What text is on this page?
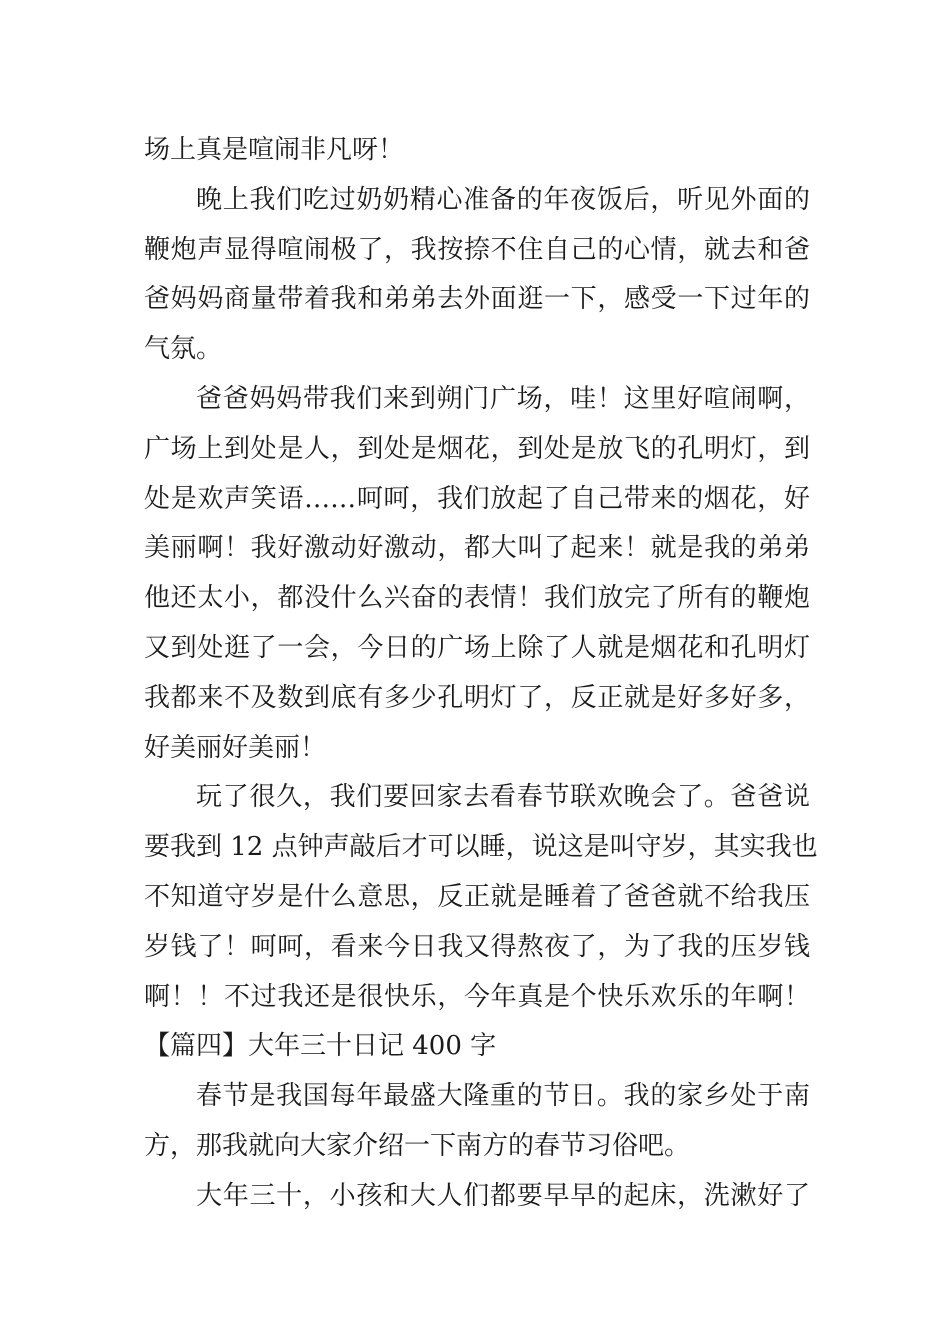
场上真是喧闹非凡呀！
晚上我们吃过奶奶精心准备的年夜饭后，听见外面的
鞭炮声显得喧闹极了，我按捺不住自己的心情，就去和爸
爸妈妈商量带着我和弟弟去外面逛一下，感受一下过年的
气氛。
爸爸妈妈带我们来到朔门广场，哇！这里好喧闹啊，
广场上到处是人，到处是烟花，到处是放飞的孔明灯，到
处是欢声笑语……呵呵，我们放起了自己带来的烟花，好
美丽啊！我好激动好激动，都大叫了起来！就是我的弟弟
他还太小，都没什么兴奋的表情！我们放完了所有的鞭炮
又到处逛了一会，今日的广场上除了人就是烟花和孔明灯
我都来不及数到底有多少孔明灯了，反正就是好多好多，
好美丽好美丽！
玩了很久，我们要回家去看春节联欢晚会了。爸爸说
要我到 12 点钟声敲后才可以睡，说这是叫守岁，其实我也
不知道守岁是什么意思，反正就是睡着了爸爸就不给我压
岁钱了！呵呵，看来今日我又得熬夜了，为了我的压岁钱
啊！！不过我还是很快乐，今年真是个快乐欢乐的年啊！
【篇四】大年三十日记 400 字
春节是我国每年最盛大隆重的节日。我的家乡处于南
方，那我就向大家介绍一下南方的春节习俗吧。
大年三十，小孩和大人们都要早早的起床，洗漱好了
